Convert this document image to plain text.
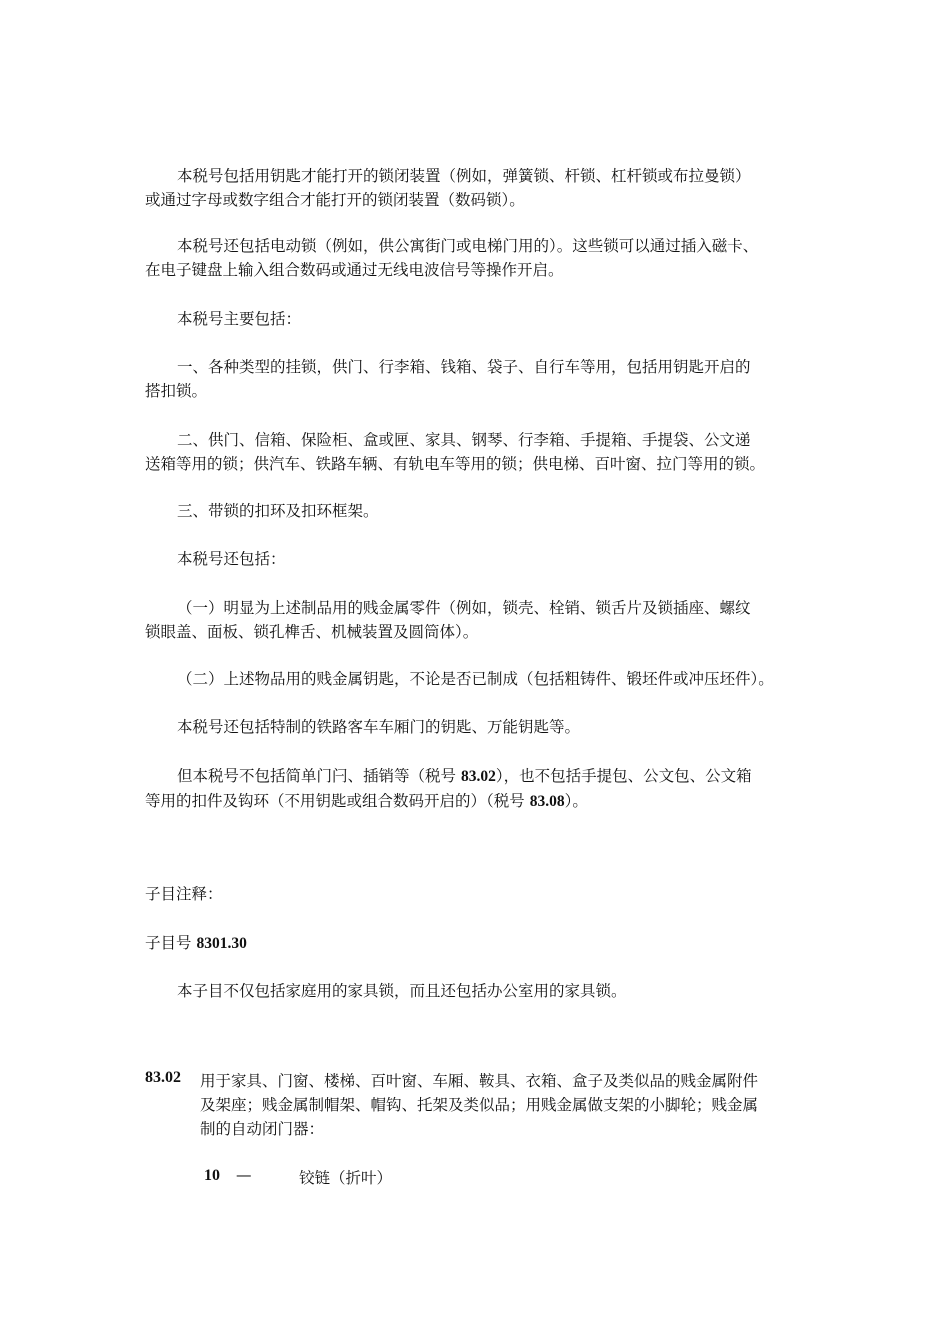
本税号包括用钥匙才能打开的锁闭装置（例如，弹簧锁、杆锁、杠杆锁或布拉曼锁）
或通过字母或数字组合才能打开的锁闭装置（数码锁）。

本税号还包括电动锁（例如，供公寓街门或电梯门用的）。这些锁可以通过插入磁卡、
在电子键盘上输入组合数码或通过无线电波信号等操作开启。

本税号主要包括：

一、各种类型的挂锁，供门、行李箱、钱箱、袋子、自行车等用，包括用钥匙开启的
搭扣锁。

二、供门、信箱、保险柜、盒或匣、家具、钢琴、行李箱、手提箱、手提袋、公文递
送箱等用的锁；供汽车、铁路车辆、有轨电车等用的锁；供电梯、百叶窗、拉门等用的锁。

三、带锁的扣环及扣环框架。

本税号还包括：

（一）明显为上述制品用的贱金属零件（例如，锁壳、栓销、锁舌片及锁插座、螺纹
锁眼盖、面板、锁孔榫舌、机械装置及圆筒体）。

（二）上述物品用的贱金属钥匙，不论是否已制成（包括粗铸件、锻坯件或冲压坯件）。

本税号还包括特制的铁路客车车厢门的钥匙、万能钥匙等。

但本税号不包括简单门闩、插销等（税号 83.02），也不包括手提包、公文包、公文箱
等用的扣件及钩环（不用钥匙或组合数码开启的）（税号 83.08）。

子目注释：

子目号 8301.30

本子目不仅包括家庭用的家具锁，而且还包括办公室用的家具锁。

83.02 用于家具、门窗、楼梯、百叶窗、车厢、鞍具、衣箱、盒子及类似品的贱金属附件
及架座；贱金属制帽架、帽钩、托架及类似品；用贱金属做支架的小脚轮；贱金属
制的自动闭门器：
10 —	铰链（折叶）
